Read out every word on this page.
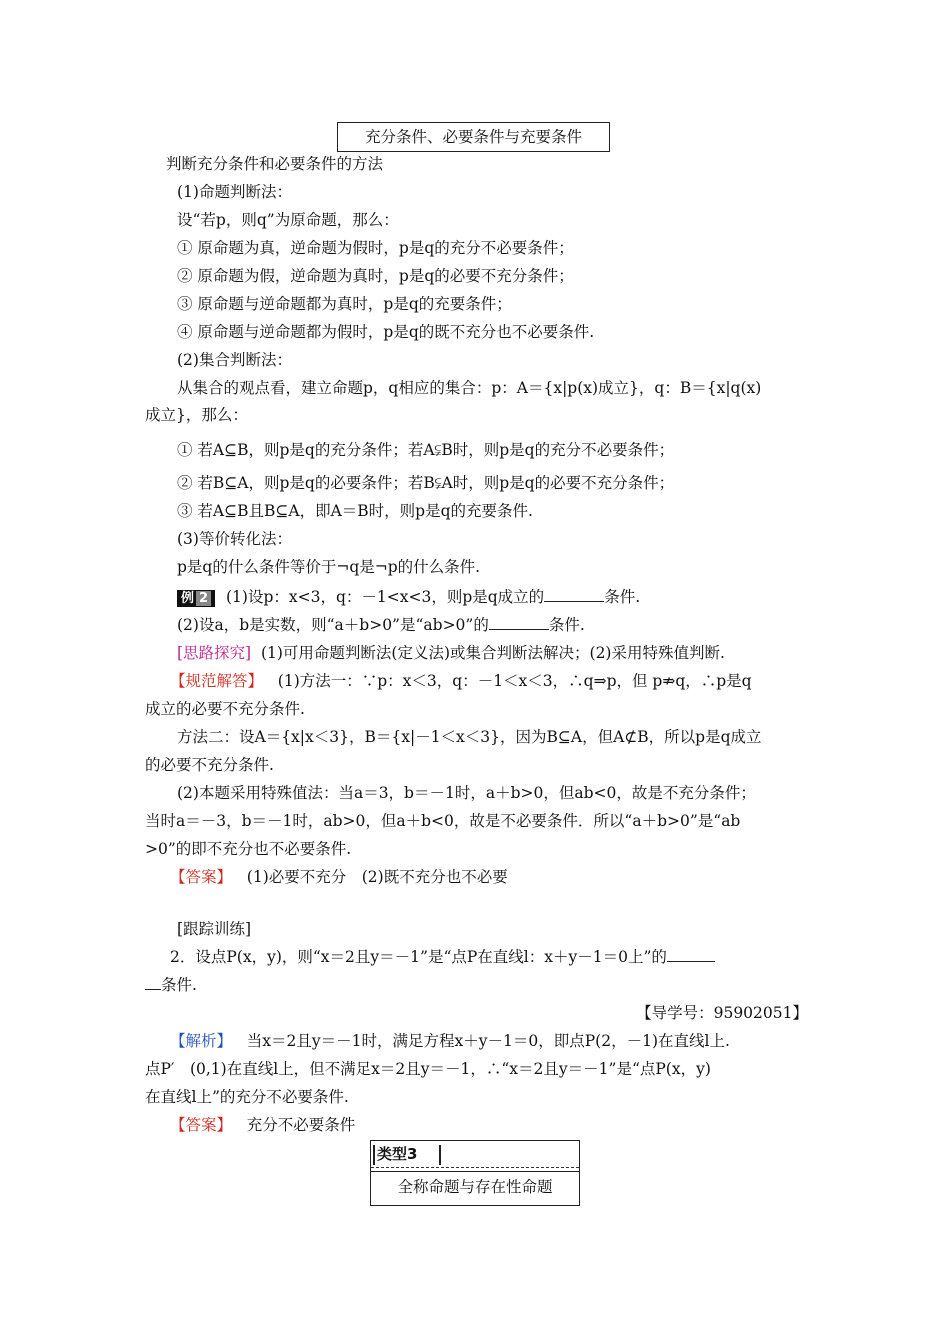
充分条件、必要条件与充要条件
判断充分条件和必要条件的方法
(1)命题判断法：
设“若p，则q”为原命题，那么：
① 原命题为真，逆命题为假时，p是q的充分不必要条件；
② 原命题为假，逆命题为真时，p是q的必要不充分条件；
③ 原命题与逆命题都为真时，p是q的充要条件；
④ 原命题与逆命题都为假时，p是q的既不充分也不必要条件.
(2)集合判断法：
从集合的观点看，建立命题p，q相应的集合：p：A＝{x|p(x)成立}，q：B＝{x|q(x)
成立}，那么：
① 若A⊆B，则p是q的充分条件；若A⫋B时，则p是q的充分不必要条件；
② 若B⊆A，则p是q的必要条件；若B⫋A时，则p是q的必要不充分条件；
③ 若A⊆B且B⊆A，即A＝B时，则p是q的充要条件.
(3)等价转化法：
p是q的什么条件等价于¬q是¬p的什么条件.
例 2 (1)设p：x<3，q：－1<x<3，则p是q成立的	条件.
(2)设a，b是实数，则“a＋b>0”是“ab>0”的	条件.
[思路探究] (1)可用命题判断法(定义法)或集合判断法解决；(2)采用特殊值判断.
【规范解答】 (1)方法一：∵p：x＜3，q：－1＜x＜3，∴q⇒p，但 p⇏q，∴p是q
成立的必要不充分条件.
方法二：设A＝{x|x＜3}，B＝{x|－1＜x＜3}，因为B⊆A，但A⊄B，所以p是q成立
的必要不充分条件.
(2)本题采用特殊值法：当a＝3，b＝－1时，a＋b>0，但ab<0，故是不充分条件；
当时a＝－3，b＝－1时，ab>0，但a＋b<0，故是不必要条件．所以“a＋b>0”是“ab
>0”的即不充分也不必要条件.
【答案】 (1)必要不充分　(2)既不充分也不必要
[跟踪训练]
2．设点P(x，y)，则“x＝2且y＝－1”是“点P在直线l：x＋y－1＝0上”的
条件.
【导学号：95902051】
【解析】 当x＝2且y＝－1时，满足方程x＋y－1＝0，即点P(2，－1)在直线l上.
点P′　(0,1)在直线l上，但不满足x＝2且y＝－1，∴“x＝2且y＝－1”是“点P(x，y)
在直线l上”的充分不必要条件.
【答案】 充分不必要条件
类型3
全称命题与存在性命题
